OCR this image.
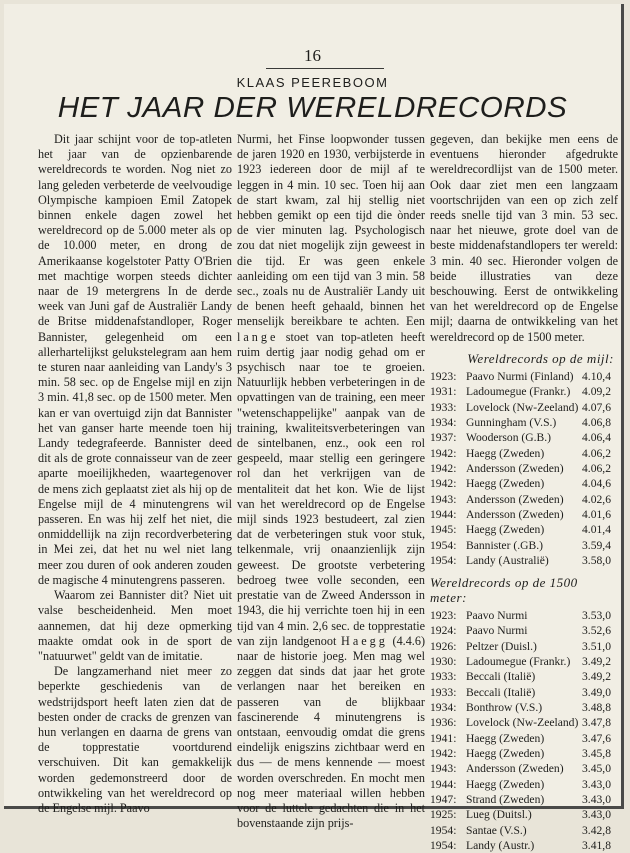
16
KLAAS PEEREBOOM
HET JAAR DER WERELDRECORDS

Dit jaar schijnt voor de top-atleten het jaar van de opzienbarende wereldrecords te worden. Nog niet zo lang geleden verbeterde de veelvoudige Olympische kampioen Emil Zatopek binnen enkele dagen zowel het wereldrecord op de 5.000 meter als op de 10.000 meter, en drong de Amerikaanse kogelstoter Patty O'Brien met machtige worpen steeds dichter naar de 19 metergrens In de derde week van Juni gaf de Australiër Landy de Britse middenafstandloper, Roger Bannister, gelegenheid om een allerhartelijkst gelukstelegram aan hem te sturen naar aanleiding van Landy's 3 min. 58 sec. op de Engelse mijl en zijn 3 min. 41,8 sec. op de 1500 meter. Men kan er van overtuigd zijn dat Bannister het van ganser harte meende toen hij Landy tedegrafeerde. Bannister deed dit als de grote connaisseur van de zeer aparte moeilijkheden, waartegenover de mens zich geplaatst ziet als hij op de Engelse mijl de 4 minutengrens wil passeren. En was hij zelf het niet, die onmiddellijk na zijn recordverbetering in Mei zei, dat het nu wel niet lang meer zou duren of ook anderen zouden de magische 4 minutengrens passeren.

Waarom zei Bannister dit? Niet uit valse bescheidenheid. Men moet aannemen, dat hij deze opmerking maakte omdat ook in de sport de "natuurwet" geldt van de imitatie.

De langzamerhand niet meer zo beperkte geschiedenis van de wedstrijdsport heeft laten zien dat de besten onder de cracks de grenzen van hun verlangen en daarna de grens van de topprestatie voortdurend verschuiven. Dit kan gemakkelijk worden gedemonstreerd door de ontwikkeling van het wereldrecord op de Engelse mijl. Paavo

Nurmi, het Finse loopwonder tussen de jaren 1920 en 1930, verbijsterde in 1923 iedereen door de mijl af te leggen in 4 min. 10 sec. Toen hij aan de start kwam, zal hij stellig niet hebben gemikt op een tijd die ònder de vier minuten lag. Psychologisch zou dat niet mogelijk zijn geweest in die tijd. Er was geen enkele aanleiding om een tijd van 3 min. 58 sec., zoals nu de Australiër Landy uit de benen heeft gehaald, binnen het menselijk bereikbare te achten. Een lange stoet van top-atleten heeft ruim dertig jaar nodig gehad om er psychisch naar toe te groeien. Natuurlijk hebben verbeteringen in de opvattingen van de training, een meer "wetenschappelijke" aanpak van de training, kwaliteitsverbeteringen van de sintelbanen, enz., ook een rol gespeeld, maar stellig een geringere rol dan het verkrijgen van de mentaliteit dat het kon. Wie de lijst van het wereldrecord op de Engelse mijl sinds 1923 bestudeert, zal zien dat de verbeteringen stuk voor stuk, telkenmale, vrij onaanzienlijk zijn geweest. De grootste verbetering bedroeg twee volle seconden, een prestatie van de Zweed Andersson in 1943, die hij verrichte toen hij in een tijd van 4 min. 2,6 sec. de topprestatie van zijn landgenoot Haegg (4.4.6) naar de historie joeg. Men mag wel zeggen dat sinds dat jaar het grote verlangen naar het bereiken en passeren van de blijkbaar fascinerende 4 minutengrens is ontstaan, eenvoudig omdat die grens eindelijk enigszins zichtbaar werd en dus — de mens kennende — moest worden overschreden. En mocht men nog meer materiaal willen hebben voor de luttele gedachten die in het bovenstaande zijn prijs-

gegeven, dan bekijke men eens de eventuens hieronder afgedrukte wereldrecordlijst van de 1500 meter. Ook daar ziet men een langzaam voortschrijden van een op zich zelf reeds snelle tijd van 3 min. 53 sec. naar het nieuwe, grote doel van de beste middenafstandlopers ter wereld: 3 min. 40 sec. Hieronder volgen de beide illustraties van deze beschouwing. Eerst de ontwikkeling van het wereldrecord op de Engelse mijl; daarna de ontwikkeling van het wereldrecord op de 1500 meter.

Wereldrecords op de mijl:
1923: Paavo Nurmi (Finland) 4.10,4
1931: Ladoumegue (Frankr.)	4.09,2
1933: Lovelock (Nw-Zeeland) 4.07,6
1934: Gunningham (V.S.)	4.06,8
1937: Wooderson (G.B.)	4.06,4
1942: Haegg (Zweden)	4.06,2
1942: Andersson (Zweden)	4.06,2
1942: Haegg (Zweden)	4.04,6
1943: Andersson (Zweden)	4.02,6
1944: Andersson (Zweden)	4.01,6
1945: Haegg (Zweden)	4.01,4
1954: Bannister (.GB.)	3.59,4
1954: Landy (Australië)	3.58,0
Wereldrecords op de 1500 meter:
1923: Paavo Nurmi	3.53,0
1924: Paavo Nurmi	3.52,6
1926: Peltzer (Duisl.)	3.51,0
1930: Ladoumegue (Frankr.)	3.49,2
1933: Beccali (Italië)	3.49,2
1933: Beccali (Italië)	3.49,0
1934: Bonthrow (V.S.)	3.48,8
1936: Lovelock (Nw-Zeeland) 3.47,8
1941: Haegg (Zweden)	3.47,6
1942: Haegg (Zweden)	3.45,8
1943: Andersson (Zweden)	3.45,0
1944: Haegg (Zweden)	3.43,0
1947: Strand (Zweden)	3.43,0
1925: Lueg (Duitsl.)	3.43,0
1954: Santae (V.S.)	3.42,8
1954: Landy (Austr.)	3.41,8
